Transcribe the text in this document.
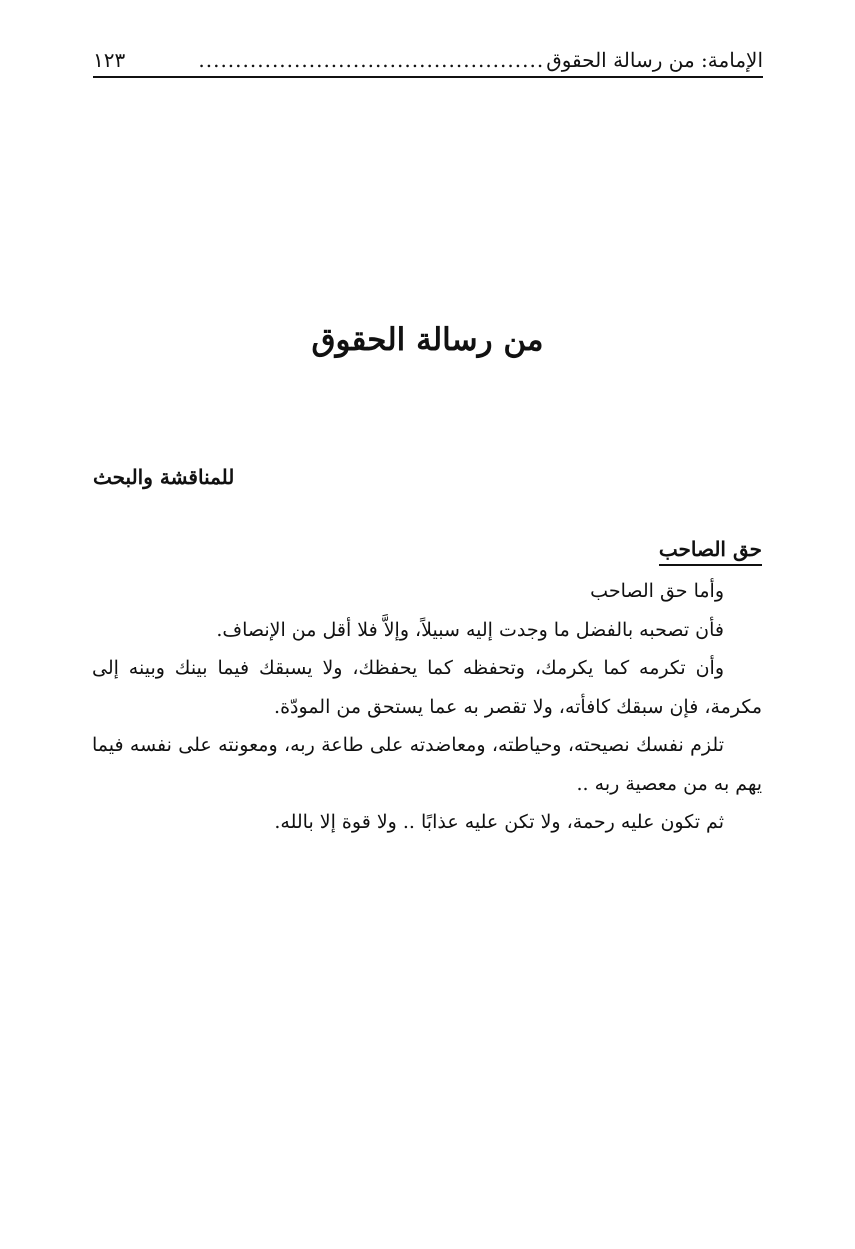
الإمامة: من رسالة الحقوق
...............................................
١٢٣
من رسالة الحقوق
للمناقشة والبحث
حق الصاحب

وأما حق الصاحب

فأن تصحبه بالفضل ما وجدت إليه سبيلاً، وإلاَّ فلا أقل من الإنصاف.

وأن تكرمه كما يكرمك، وتحفظه كما يحفظك، ولا يسبقك فيما بينك وبينه إلى مكرمة، فإن سبقك كافأته، ولا تقصر به عما يستحق من المودّة.

تلزم نفسك نصيحته، وحياطته، ومعاضدته على طاعة ربه، ومعونته على نفسه فيما يهم به من معصية ربه ..

ثم تكون عليه رحمة، ولا تكن عليه عذابًا .. ولا قوة إلا بالله.
